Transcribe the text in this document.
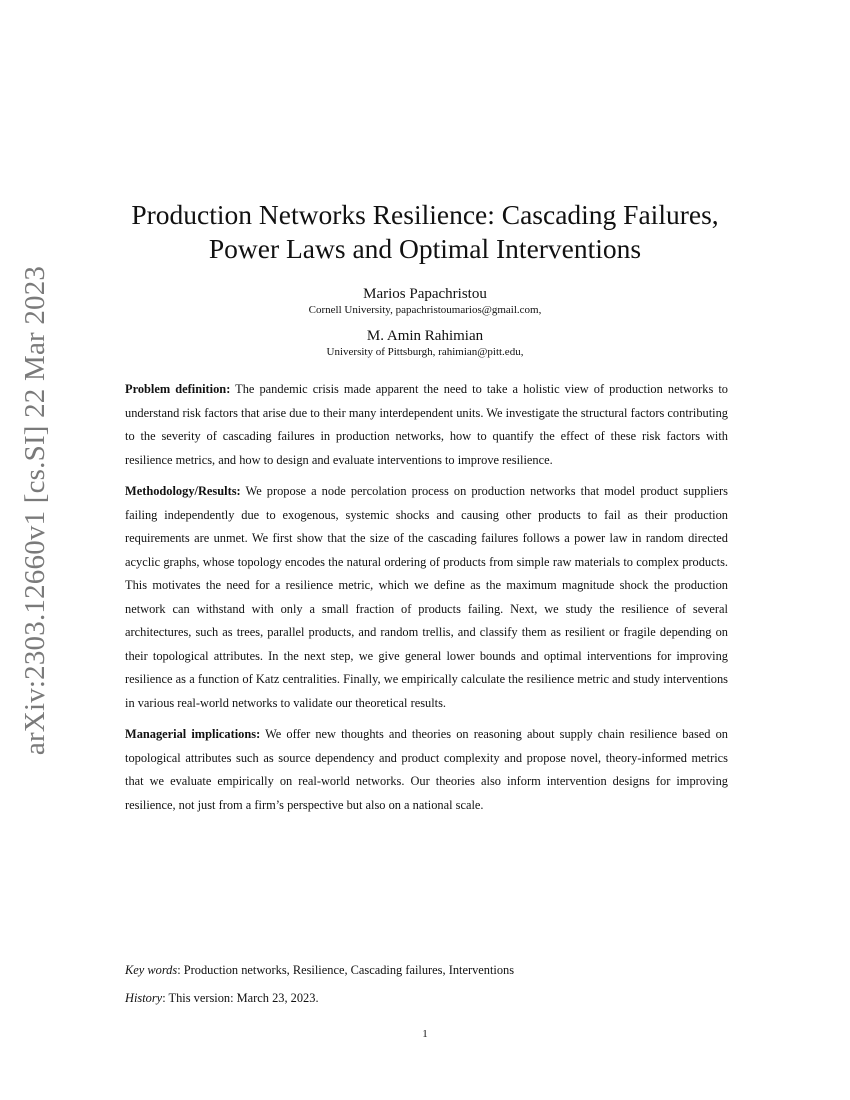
arXiv:2303.12660v1 [cs.SI] 22 Mar 2023
Production Networks Resilience: Cascading Failures,
Power Laws and Optimal Interventions
Marios Papachristou
Cornell University, papachristoumarios@gmail.com,
M. Amin Rahimian
University of Pittsburgh, rahimian@pitt.edu,

Problem definition: The pandemic crisis made apparent the need to take a holistic view of production networks to understand risk factors that arise due to their many interdependent units. We investigate the structural factors contributing to the severity of cascading failures in production networks, how to quantify the effect of these risk factors with resilience metrics, and how to design and evaluate interventions to improve resilience.

Methodology/Results: We propose a node percolation process on production networks that model product suppliers failing independently due to exogenous, systemic shocks and causing other products to fail as their production requirements are unmet. We first show that the size of the cascading failures follows a power law in random directed acyclic graphs, whose topology encodes the natural ordering of products from simple raw materials to complex products. This motivates the need for a resilience metric, which we define as the maximum magnitude shock the production network can withstand with only a small fraction of products failing. Next, we study the resilience of several architectures, such as trees, parallel products, and random trellis, and classify them as resilient or fragile depending on their topological attributes. In the next step, we give general lower bounds and optimal interventions for improving resilience as a function of Katz centralities. Finally, we empirically calculate the resilience metric and study interventions in various real-world networks to validate our theoretical results.

Managerial implications: We offer new thoughts and theories on reasoning about supply chain resilience based on topological attributes such as source dependency and product complexity and propose novel, theory-informed metrics that we evaluate empirically on real-world networks. Our theories also inform intervention designs for improving resilience, not just from a firm’s perspective but also on a national scale.

Key words: Production networks, Resilience, Cascading failures, Interventions
History: This version: March 23, 2023.
1
